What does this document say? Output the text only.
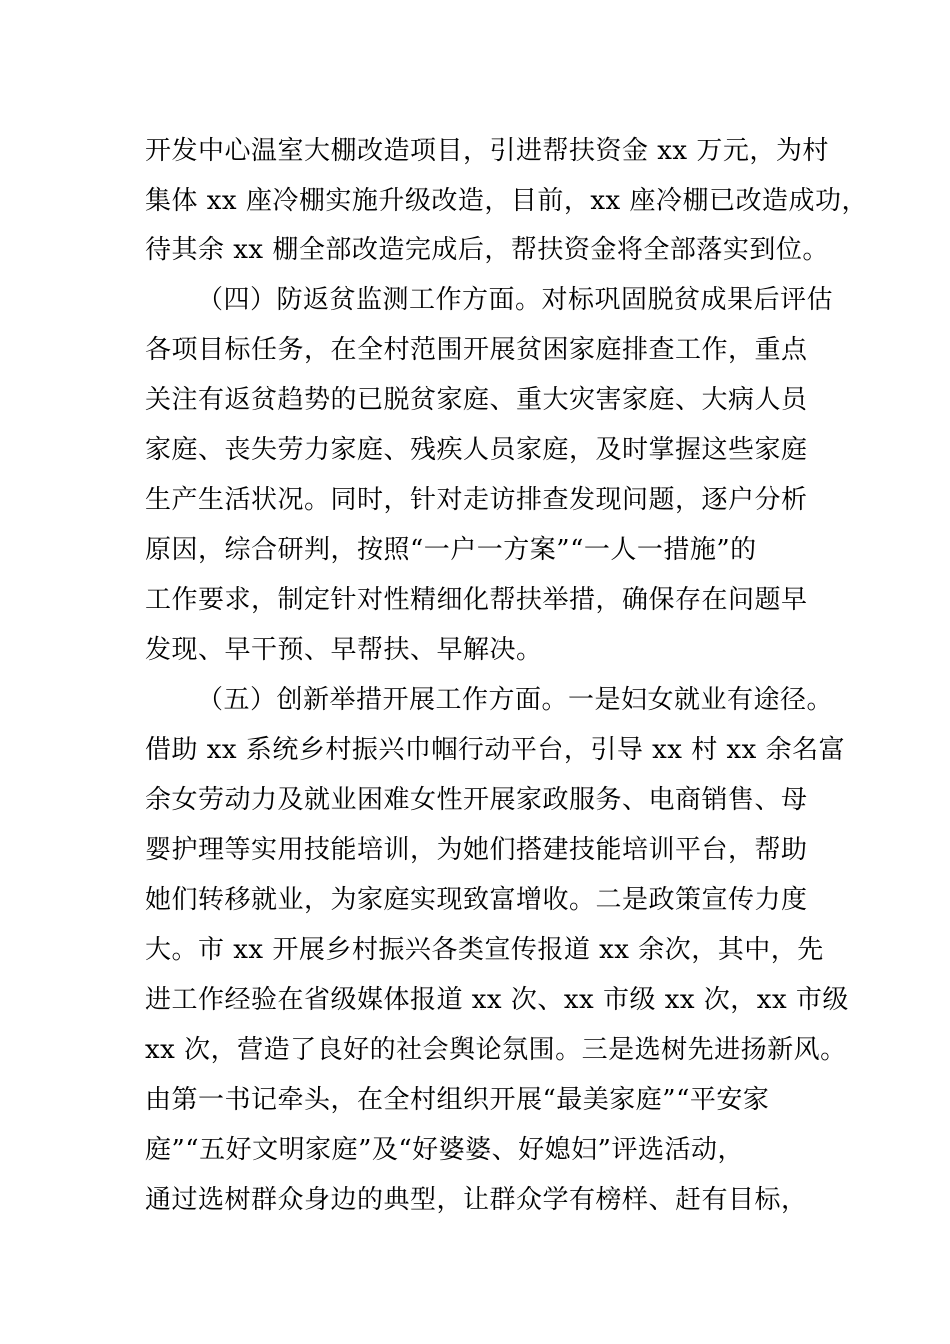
开发中心温室大棚改造项目，引进帮扶资金 xx 万元，为村
集体 xx 座冷棚实施升级改造，目前，xx 座冷棚已改造成功，
待其余 xx 棚全部改造完成后，帮扶资金将全部落实到位。
（四）防返贫监测工作方面。对标巩固脱贫成果后评估
各项目标任务，在全村范围开展贫困家庭排查工作，重点
关注有返贫趋势的已脱贫家庭、重大灾害家庭、大病人员
家庭、丧失劳力家庭、残疾人员家庭，及时掌握这些家庭
生产生活状况。同时，针对走访排查发现问题，逐户分析
原因，综合研判，按照“一户一方案”“一人一措施”的
工作要求，制定针对性精细化帮扶举措，确保存在问题早
发现、早干预、早帮扶、早解决。
（五）创新举措开展工作方面。一是妇女就业有途径。
借助 xx 系统乡村振兴巾帼行动平台，引导 xx 村 xx 余名富
余女劳动力及就业困难女性开展家政服务、电商销售、母
婴护理等实用技能培训，为她们搭建技能培训平台，帮助
她们转移就业，为家庭实现致富增收。二是政策宣传力度
大。市 xx 开展乡村振兴各类宣传报道 xx 余次，其中，先
进工作经验在省级媒体报道 xx 次、xx 市级 xx 次，xx 市级
xx 次，营造了良好的社会舆论氛围。三是选树先进扬新风。
由第一书记牵头，在全村组织开展“最美家庭”“平安家
庭”“五好文明家庭”及“好婆婆、好媳妇”评选活动，
通过选树群众身边的典型，让群众学有榜样、赶有目标，
